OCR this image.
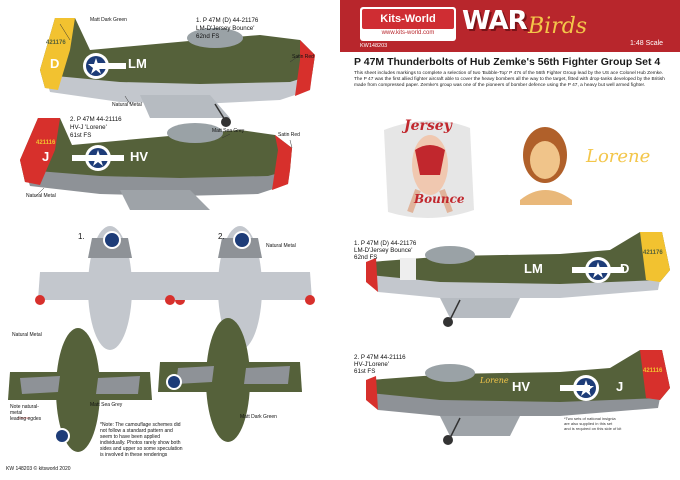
D	LM

421176

1. P 47M (D) 44-21176

LM-D'Jersey Bounce'

62nd FS

Matt Dark Green

Satin Red

Natural Metal

J	HV

421116

2. P 47M 44-21116

HV-J 'Lorene'

61st FS

Matt Sea Grey

Satin Red

Natural Metal

1.	2.

Natural Metal

Natural Metal

Note natural-
metal
leading egdes

Matt Sea Grey

Matt Dark Green

*Note: The camouflage schemes did not follow a standard pattern and seem to have been applied individually. Photos rarely show both sides and upper so some speculation is involved in these renderings

KW 148203 © kitsworld 2020

Kits-World
www.kits-world.com
KW148203
WAR Birds
1:48 Scale

P 47M Thunderbolts of Hub Zemke's 56th Fighter Group Set 4

This sheet includes markings to complete a selection of two 'Bubble-Top' P 47s of the 56th Fighter Group lead by the US ace Colonel Hub Zemke. The P 47 was the first allied fighter aircraft able to cover the heavy bombers all the way to the target, fitted with drop-tanks developed by the British made from compressed paper. Zemke's group was one of the pioneers of bomber defence using the P 47, a heavy but well armed fighter.

Jersey

Bounce

Lorene

1. P 47M (D) 44-21176

LM-D'Jersey Bounce'

62nd FS

LM	D

421176

2. P 47M 44-21116

HV-J'Lorene'

61st FS

HV	J

421116

Lorene

*Two sets of national insignia
are also supplied in this set
and is required on this side of kit
